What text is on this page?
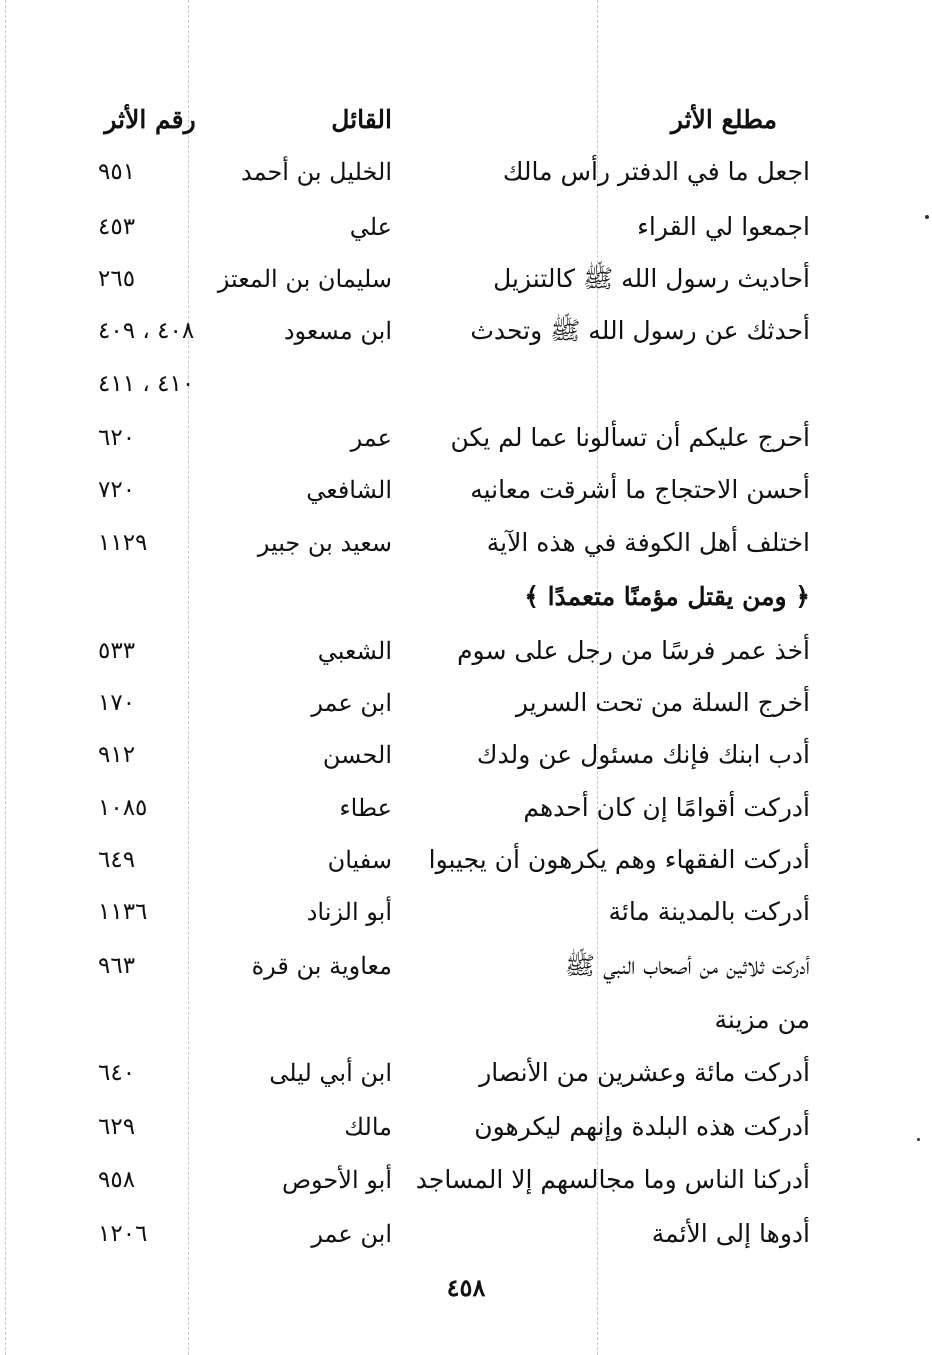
مطلع الأثر
القائل
رقم الأثر
اجعل ما في الدفتر رأس مالك
الخليل بن أحمد
٩٥١
اجمعوا لي القراء
علي
٤٥٣
أحاديث رسول الله ﷺ كالتنزيل
سليمان بن المعتز
٢٦٥
أحدثك عن رسول الله ﷺ وتحدث
ابن مسعود
٤٠٨ ، ٤٠٩
٤١٠ ، ٤١١
أحرج عليكم أن تسألونا عما لم يكن
عمر
٦٢٠
أحسن الاحتجاج ما أشرقت معانيه
الشافعي
٧٢٠
اختلف أهل الكوفة في هذه الآية
سعيد بن جبير
١١٢٩
﴿ ومن يقتل مؤمنًا متعمدًا ﴾
أخذ عمر فرسًا من رجل على سوم
الشعبي
٥٣٣
أخرج السلة من تحت السرير
ابن عمر
١٧٠
أدب ابنك فإنك مسئول عن ولدك
الحسن
٩١٢
أدركت أقوامًا إن كان أحدهم
عطاء
١٠٨٥
أدركت الفقهاء وهم يكرهون أن يجيبوا
سفيان
٦٤٩
أدركت بالمدينة مائة
أبو الزناد
١١٣٦
أدركت ثلاثين من أصحاب النبي ﷺ
معاوية بن قرة
٩٦٣
من مزينة
أدركت مائة وعشرين من الأنصار
ابن أبي ليلى
٦٤٠
أدركت هذه البلدة وإنهم ليكرهون
مالك
٦٢٩
أدركنا الناس وما مجالسهم إلا المساجد
أبو الأحوص
٩٥٨
أدوها إلى الأئمة
ابن عمر
١٢٠٦
٤٥٨
